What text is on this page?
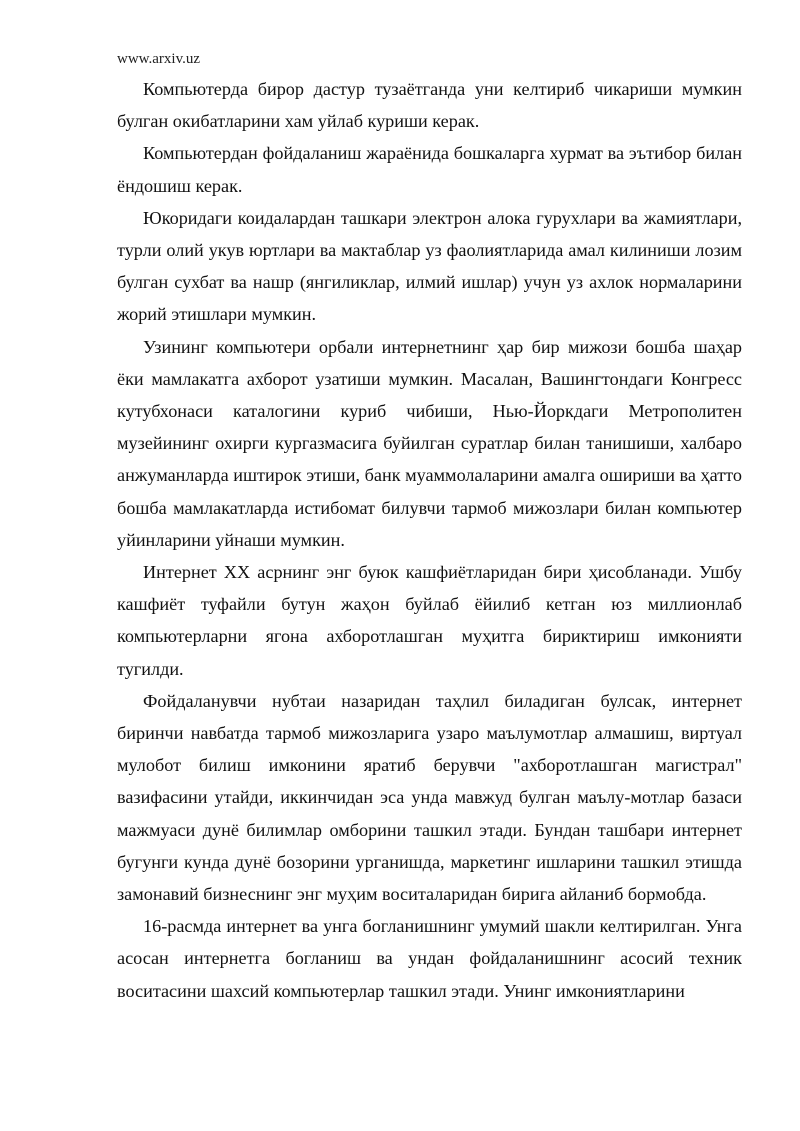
www.arxiv.uz

Компьютерда бирор дастур тузаётганда уни келтириб чикариши мумкин булган окибатларини хам уйлаб куриши керак.

Компьютердан фойдаланиш жараёнида бошкаларга хурмат ва эътибор билан ёндошиш керак.

Юкоридаги коидалардан ташкари электрон алока гурухлари ва жамиятлари, турли олий укув юртлари ва мактаблар уз фаолиятларида амал килиниши лозим булган сухбат ва нашр (янгиликлар, илмий ишлар) учун уз ахлок нормаларини жорий этишлари мумкин.

Узининг компьютери орбали интернетнинг ҳар бир мижози бошба шаҳар ёки мамлакатга ахборот узатиши мумкин. Масалан, Вашингтондаги Конгресс кутубхонаси каталогини куриб чибиши, Нью-Йоркдаги Метрополитен музейининг охирги кургазмасига буйилган суратлар билан танишиши, халбаро анжуманларда иштирок этиши, банк муаммолаларини амалга ошириши ва ҳатто бошба мамлакатларда истибомат билувчи тармоб мижозлари билан компьютер уйинларини уйнаши мумкин.

Интернет XX асрнинг энг буюк кашфиётларидан бири ҳисобланади. Ушбу кашфиёт туфайли бутун жаҳон буйлаб ёйилиб кетган юз миллионлаб компьютерларни ягона ахборотлашган муҳитга бириктириш имконияти тугилди.

Фойдаланувчи нубтаи назаридан таҳлил биладиган булсак, интернет биринчи навбатда тармоб мижозларига узаро маълумотлар алмашиш, виртуал мулобот билиш имконини яратиб берувчи "ахборотлашган магистрал" вазифасини утайди, иккинчидан эса унда мавжуд булган маълу-мотлар базаси мажмуаси дунё билимлар омборини ташкил этади. Бундан ташбари интернет бугунги кунда дунё бозорини урганишда, маркетинг ишларини ташкил этишда замонавий бизнеснинг энг муҳим воситаларидан бирига айланиб бормобда.

16-расмда интернет ва унга богланишнинг умумий шакли келтирилган. Унга асосан интернетга богланиш ва ундан фойдаланишнинг асосий техник воситасини шахсий компьютерлар ташкил этади. Унинг имкониятларини
